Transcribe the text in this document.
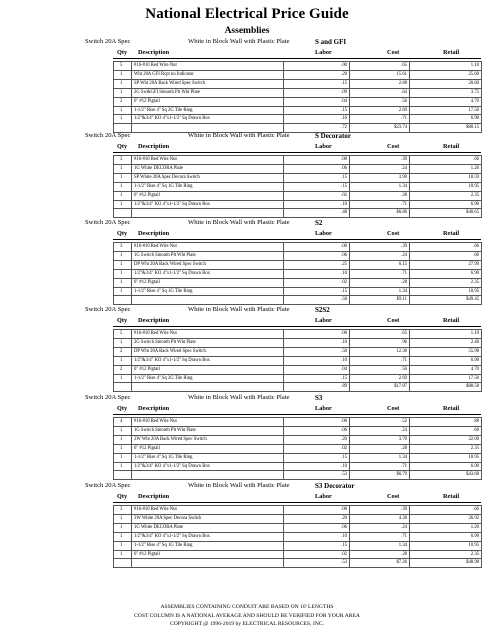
National Electrical Price Guide
Assemblies
Switch 20A Spec	White in Block Wall with Plastic Plate	S and GFI
Qty Description	Labor	Cost	Retail
5	#16-#10 Red Wire Nut	.00	.65	1.10
1	Wht 20A GFI Rcpt no Indicator	.20	15.61	25.60
1	SP Wht 20A Back Wired Spec Switch	.15	2.88	20.60
1	2G Sw&GFI Smooth Plt Wht Plate	.09	.64	3.75
2	6" #12 Pigtail	.04	.56	4.70
1	1-1/2" Rise 4" Sq 2G Tile Ring	.15	2.69	17.50
1	1/2"&3/4" KO 4"x1-1/2" Sq Drawn Box	.16	.71	6.90
		.72	$23.74	$80.15
Switch 20A Spec	White in Block Wall with Plastic Plate	S Decorator
Qty Description	Labor	Cost	Retail
3	#16-#10 Red Wire Nut	.00	.39	.66
1	1G White DECORA Plate	.06	.24	1.20
1	SP White 20A Spec Decora Switch	.15	3.90	18.59
1	1-1/2" Rise 4" Sq 1G Tile Ring	.15	1.34	10.95
1	6" #12 Pigtail	.02	.28	2.35
1	1/2"&3/4" KO 4"x1-1/2" Sq Drawn Box	.10	.71	6.90
		.48	$6.86	$40.65
Switch 20A Spec	White in Block Wall with Plastic Plate	S2
Qty Description	Labor	Cost	Retail
3	#16-#10 Red Wire Nut	.00	.39	.66
1	1G Switch Smooth Plt Wht Plate	.06	.24	.60
1	DP Wht 20A Back Wired Spec Switch	.25	6.15	27.99
1	1/2"&3/4" KO 4"x1-1/2" Sq Drawn Box	.10	.71	6.90
1	6" #12 Pigtail	.02	.28	2.35
1	1-1/2" Rise 4" Sq 1G Tile Ring	.15	1.34	10.95
		.58	$9.11	$49.45
Switch 20A Spec	White in Block Wall with Plastic Plate	S2S2
Qty Description	Labor	Cost	Retail
5	#16-#10 Red Wire Nut	.00	.65	1.10
1	2G Switch Smooth Plt Wht Plate	.10	.96	2.40
2	DP Wht 20A Back Wired Spec Switch	.50	12.30	55.98
1	1/2"&3/4" KO 4"x1-1/2" Sq Drawn Box	.10	.71	6.90
2	6" #12 Pigtail	.04	.56	4.70
1	1-1/2" Rise 4" Sq 2G Tile Ring	.15	2.69	17.50
		.89	$17.87	$88.58
Switch 20A Spec	White in Block Wall with Plastic Plate	S3
Qty Description	Labor	Cost	Retail
4	#16-#10 Red Wire Nut	.00	.52	.88
1	1G Switch Smooth Plt Wht Plate	.06	.24	.60
1	3W Wht 20A Back Wired Spec Switch	.20	3.70	22.00
1	6" #12 Pigtail	.02	.28	2.35
1	1-1/2" Rise 4" Sq 1G Tile Ring	.15	1.34	10.95
1	1/2"&3/4" KO 4"x1-1/2" Sq Drawn Box	.10	.71	6.90
		.53	$6.79	$43.68
Switch 20A Spec	White in Block Wall with Plastic Plate	S3 Decorator
Qty Description	Labor	Cost	Retail
3	#16-#10 Red Wire Nut	.00	.39	.66
1	3W White 20A Spec Decora Switch	.20	4.30	26.92
1	1G White DECORA Plate	.06	.24	1.20
1	1/2"&3/4" KO 4"x1-1/2" Sq Drawn Box	.10	.71	6.90
1	1-1/2" Rise 4" Sq 1G Tile Ring	.15	1.34	10.95
1	6" #12 Pigtail	.02	.28	2.35
		.53	$7.26	$48.98
ASSEMBLIES CONTAINING CONDUIT ARE BASED ON 10' LENGTHS
COST COLUMN IS A NATIONAL AVERAGE AND SHOULD BE VERIFIED FOR YOUR AREA
COPYRIGHT @ 1996-2019 by ELECTRICAL RESOURCES, INC.
